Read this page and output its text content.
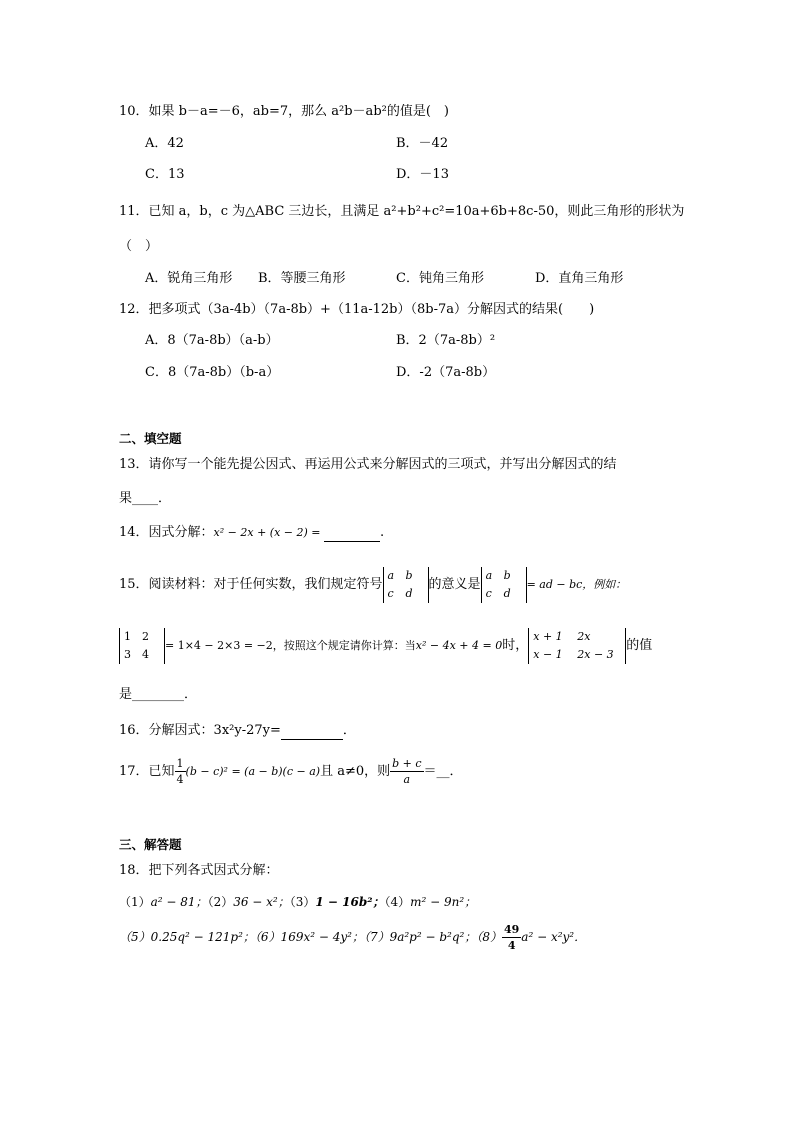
10．如果 b－a=－6，ab=7，那么 a²b－ab²的值是(　)
A．42	B．－42
C．13	D．－13
11．已知 a，b，c 为△ABC 三边长，且满足 a²+b²+c²=10a+6b+8c-50，则此三角形的形状为
（　）
A．锐角三角形 B．等腰三角形	C．钝角三角形	D．直角三角形
12．把多项式（3a-4b）（7a-8b）+（11a-12b）（8b-7a）分解因式的结果(　　)
A．8（7a-8b）（a-b）	B．2（7a-8b）²
C．8（7a-8b）（b-a）	D．-2（7a-8b）
二、填空题
13．请你写一个能先提公因式、再运用公式来分解因式的三项式，并写出分解因式的结
果____．
14．因式分解：x² − 2x + (x − 2) =	.
15．阅读材料：对于任何实数，我们规定符号
a b
c d
的意义是
a b
c d
= ad − bc，例如：
1 2
3 4
= 1×4 − 2×3 = −2，按照这个规定请你计算：当x² − 4x + 4 = 0时，
x + 1 2x
x − 1 2x − 3
的值
是________．
16．分解因式：3x²y-27y=	．
17．已知 $\frac{1}{4} (b - c)^2 = (a - b)(c - a)$且 a≠0，则 $\frac{b + c}{a}$ ＝__．
三、解答题
18．把下列各式因式分解：
（1）a² − 81；（2）36 − x²；（3）1 − 16b²；（4）m² − 9n²；
（5）0.25q² − 121p²；（6）169x² − 4y²；（7）9a²p² − b²q²；$(8) \frac{49}{4} a^2 - x^2y^2$．
